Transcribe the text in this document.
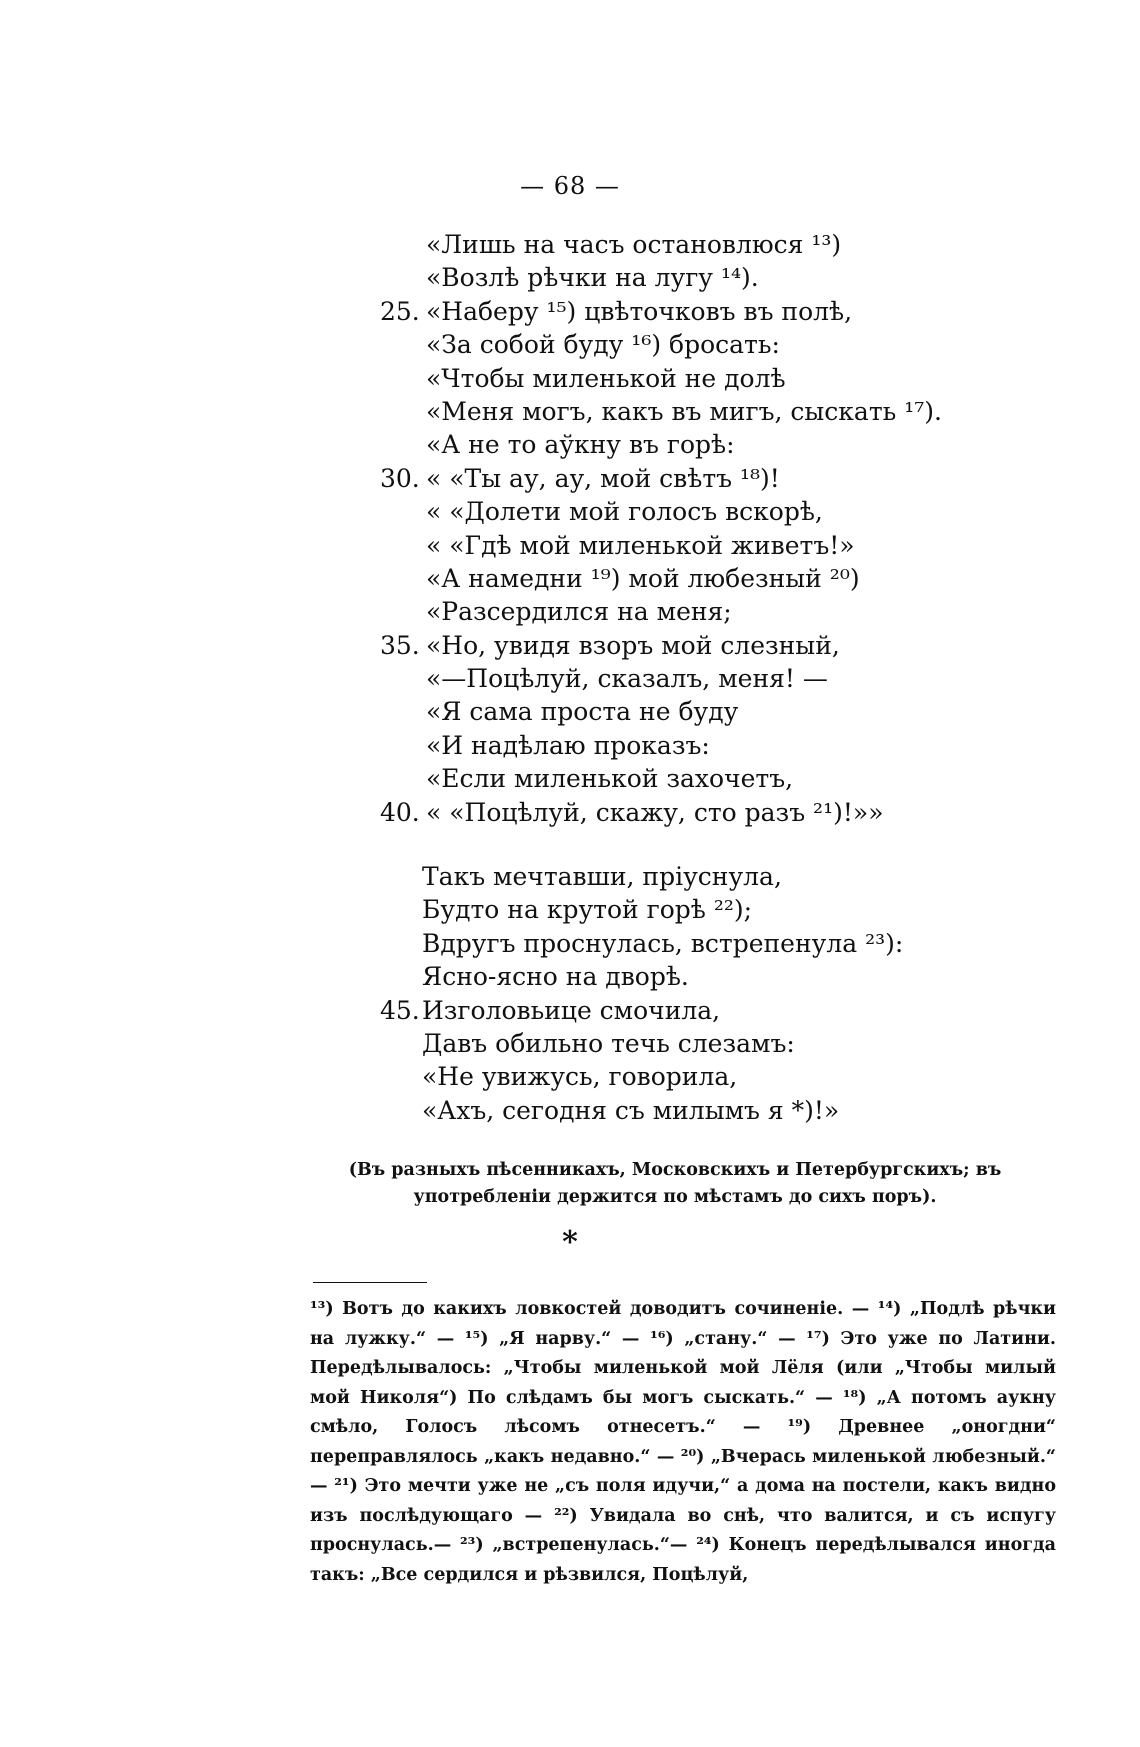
— 68 —
«Лишь на часъ остановлюся ¹³)
«Возлѣ рѣчки на лугу ¹⁴).
25. «Наберу ¹⁵) цвѣточковъ въ полѣ,
«За собой буду ¹⁶) бросать:
«Чтобы миленькой не долѣ
«Меня могъ, какъ въ мигъ, сыскать ¹⁷).
«А не то аўкну въ горѣ:
30. « «Ты ау, ау, мой свѣтъ ¹⁸)!
« «Долети мой голосъ вскорѣ,
« «Гдѣ мой миленькой живетъ!»
«А намедни ¹⁹) мой любезный ²⁰)
«Разсердился на меня;
35. «Но, увидя взоръ мой слезный,
«—Поцѣлуй, сказалъ, меня! —
«Я сама проста не буду
«И надѣлаю проказъ:
«Если миленькой захочетъ,
40. « «Поцѣлуй, скажу, сто разъ ²¹)!»»
Такъ мечтавши, пріуснула,
Будто на крутой горѣ ²²);
Вдругъ проснулась, встрепенула ²³):
Ясно-ясно на дворѣ.
45. Изголовьице смочила,
Давъ обильно течь слезамъ:
«Не увижусь, говорила,
«Ахъ, сегодня съ милымъ я *)!»
(Въ разныхъ пѣсенникахъ, Московскихъ и Петербургскихъ; въ употребленіи держится по мѣстамъ до сихъ поръ).
*

¹³) Вотъ до какихъ ловкостей доводитъ сочиненіе. — ¹⁴) „Подлѣ рѣчки на лужку.“ — ¹⁵) „Я нарву.“ — ¹⁶) „стану.“ — ¹⁷) Это уже по Латини. Передѣлывалось: „Чтобы миленькой мой Лёля (или „Чтобы милый мой Николя“) По слѣдамъ бы могъ сыскать.“ — ¹⁸) „А потомъ аукну смѣло, Голосъ лѣсомъ отнесетъ.“ — ¹⁹) Древнее „оногдни“ переправлялось „какъ недавно.“ — ²⁰) „Вчерась миленькой любезный.“ — ²¹) Это мечти уже не „съ поля идучи,“ а дома на постели, какъ видно изъ послѣдующаго — ²²) Увидала во снѣ, что валится, и съ испугу проснулась.— ²³) „встрепенулась.“— ²⁴) Конецъ передѣлывался иногда такъ: „Все сердился и рѣзвился, Поцѣлуй,
